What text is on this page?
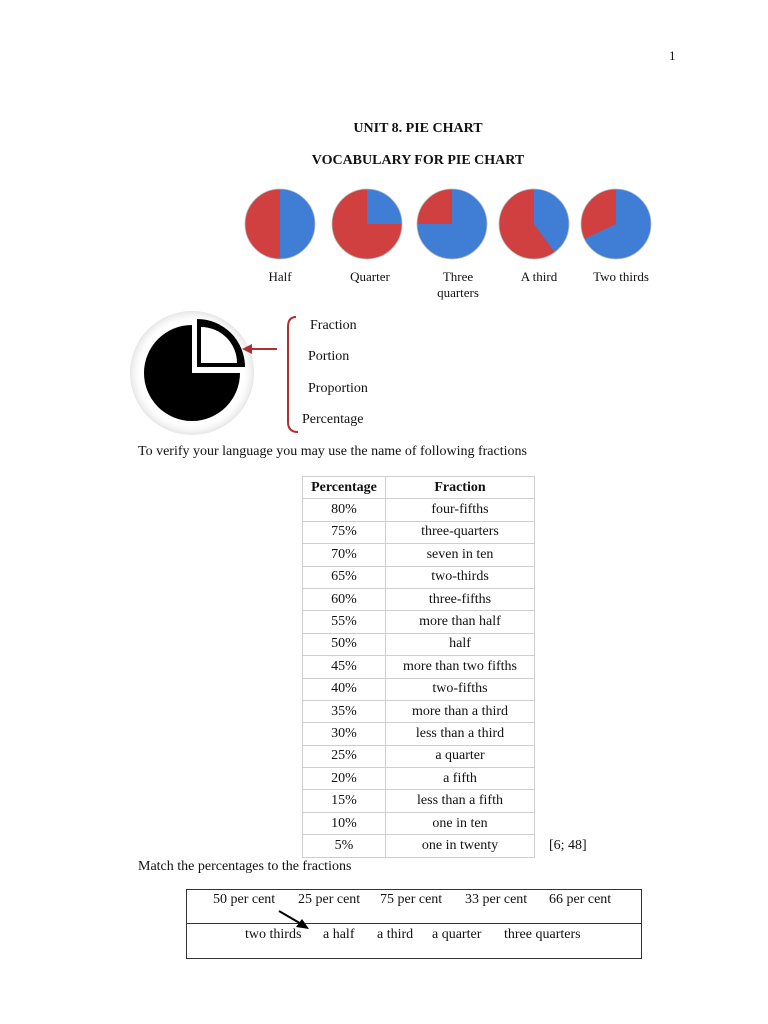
1
UNIT 8. PIE CHART
VOCABULARY FOR PIE CHART
Half	Quarter	Three quarters
A third	Two thirds
Fraction
Portion
Proportion
Percentage
To verify your language you may use the name of following fractions
Percentage	Fraction
80%	four-fifths
75%	three-quarters
70%	seven in ten
65%	two-thirds
60%	three-fifths
55%	more than half
50%	half
45%	more than two fifths
40%	two-fifths
35%	more than a third
30%	less than a third
25%	a quarter
20%	a fifth
15%	less than a fifth
10%	one in ten
5%	one in twenty	[6; 48]
Match the percentages to the fractions
50 per cent 25 per cent 75 per cent 33 per cent 66 per cent
two thirds a half a third a quarter three quarters
